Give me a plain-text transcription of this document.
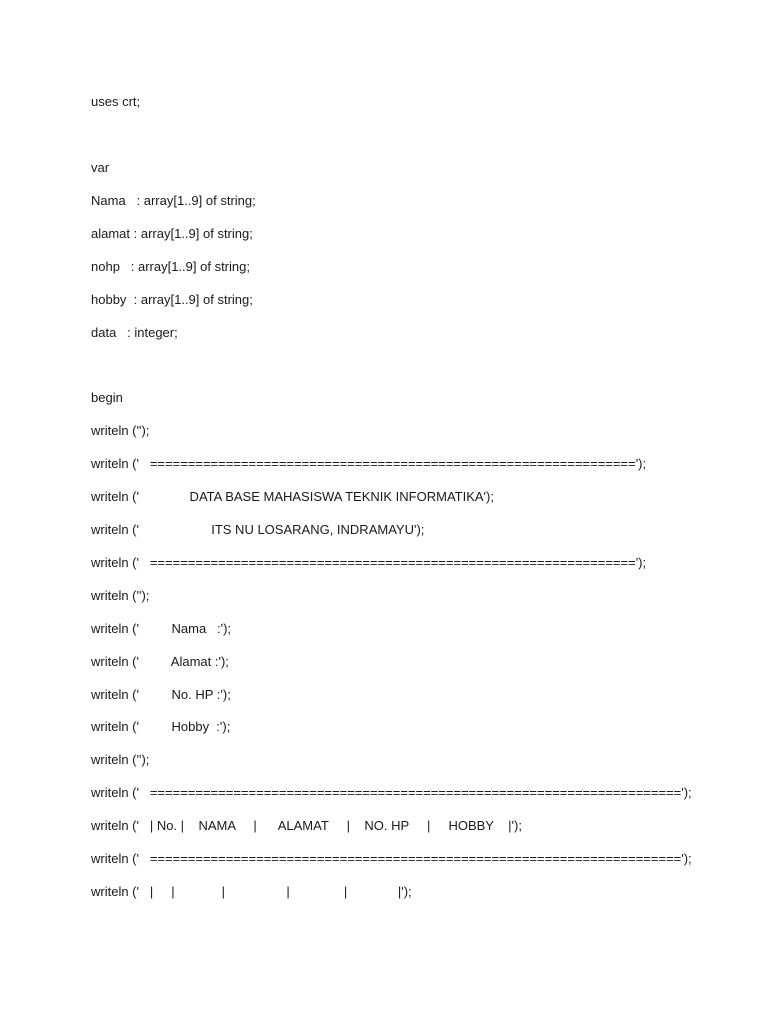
uses crt;

var

Nama   : array[1..9] of string;

alamat : array[1..9] of string;

nohp   : array[1..9] of string;

hobby  : array[1..9] of string;

data   : integer;

begin

writeln ('');

writeln ('   ================================================================');

writeln ('              DATA BASE MAHASISWA TEKNIK INFORMATIKA');

writeln ('                    ITS NU LOSARANG, INDRAMAYU');

writeln ('   ================================================================');

writeln ('');

writeln ('         Nama   :');

writeln ('         Alamat :');

writeln ('         No. HP :');

writeln ('         Hobby  :');

writeln ('');

writeln ('   ======================================================================');

writeln ('   | No. |    NAMA     |      ALAMAT     |    NO. HP     |     HOBBY    |');

writeln ('   ======================================================================');

writeln ('   |     |             |                 |               |              |');
